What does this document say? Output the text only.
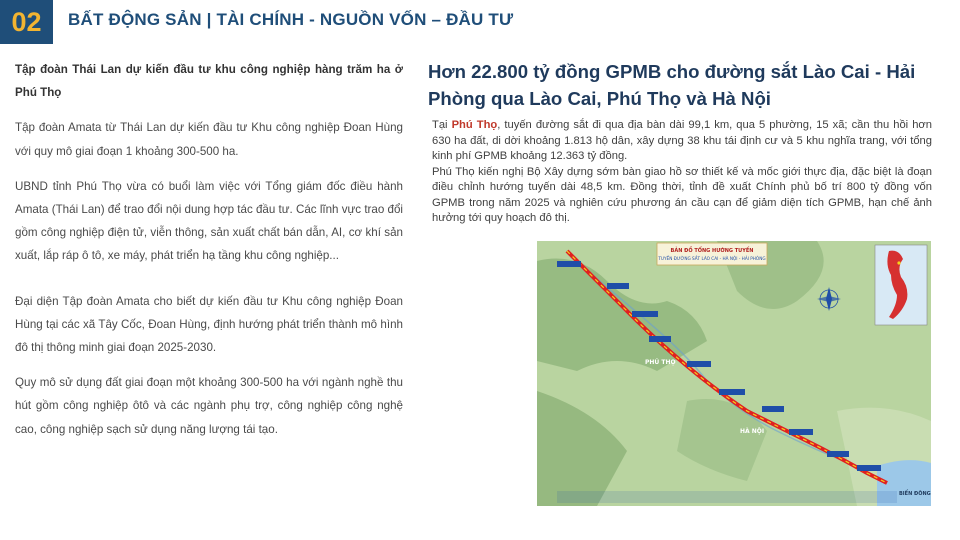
02	BẤT ĐỘNG SẢN | TÀI CHÍNH - NGUỒN VỐN – ĐẦU TƯ

Tập đoàn Thái Lan dự kiến đầu tư khu công nghiệp hàng trăm ha ở Phú Thọ

Tập đoàn Amata từ Thái Lan dự kiến đầu tư Khu công nghiệp Đoan Hùng với quy mô giai đoạn 1 khoảng 300-500 ha.

UBND tỉnh Phú Thọ vừa có buổi làm việc với Tổng giám đốc điều hành Amata (Thái Lan) để trao đổi nội dung hợp tác đầu tư. Các lĩnh vực trao đổi gồm công nghiệp điện tử, viễn thông, sản xuất chất bán dẫn, AI, cơ khí sản xuất, lắp ráp ô tô, xe máy, phát triển hạ tầng khu công nghiệp...

Đại diện Tập đoàn Amata cho biết dự kiến đầu tư Khu công nghiệp Đoan Hùng tại các xã Tây Cốc, Đoan Hùng, định hướng phát triển thành mô hình đô thị thông minh giai đoạn 2025-2030.

Quy mô sử dụng đất giai đoạn một khoảng 300-500 ha với ngành nghề thu hút gồm công nghiệp ôtô và các ngành phụ trợ, công nghiệp công nghệ cao, công nghiệp sạch sử dụng năng lượng tái tạo.

Hơn 22.800 tỷ đồng GPMB cho đường sắt Lào Cai - Hải Phòng qua Lào Cai, Phú Thọ và Hà Nội
Tại Phú Thọ, tuyến đường sắt đi qua địa bàn dài 99,1 km, qua 5 phường, 15 xã; cần thu hồi hơn 630 ha đất, di dời khoảng 1.813 hộ dân, xây dựng 38 khu tái định cư và 5 khu nghĩa trang, với tổng kinh phí GPMB khoảng 12.363 tỷ đồng.
Phú Thọ kiến nghị Bộ Xây dựng sớm bàn giao hồ sơ thiết kế và mốc giới thực địa, đặc biệt là đoạn điều chỉnh hướng tuyến dài 48,5 km. Đồng thời, tỉnh đề xuất Chính phủ bố trí 800 tỷ đồng vốn GPMB trong năm 2025 và nghiên cứu phương án cầu cạn để giảm diện tích GPMB, hạn chế ảnh hưởng tới quy hoạch đô thị.
BẢN ĐỒ TỔNG HƯỚNG TUYẾN
TUYẾN ĐƯỜNG SẮT LÀO CAI - HÀ NỘI - HẢI PHÒNG
PHÚ THỌ
HÀ NỘI
BIỂN ĐÔNG
